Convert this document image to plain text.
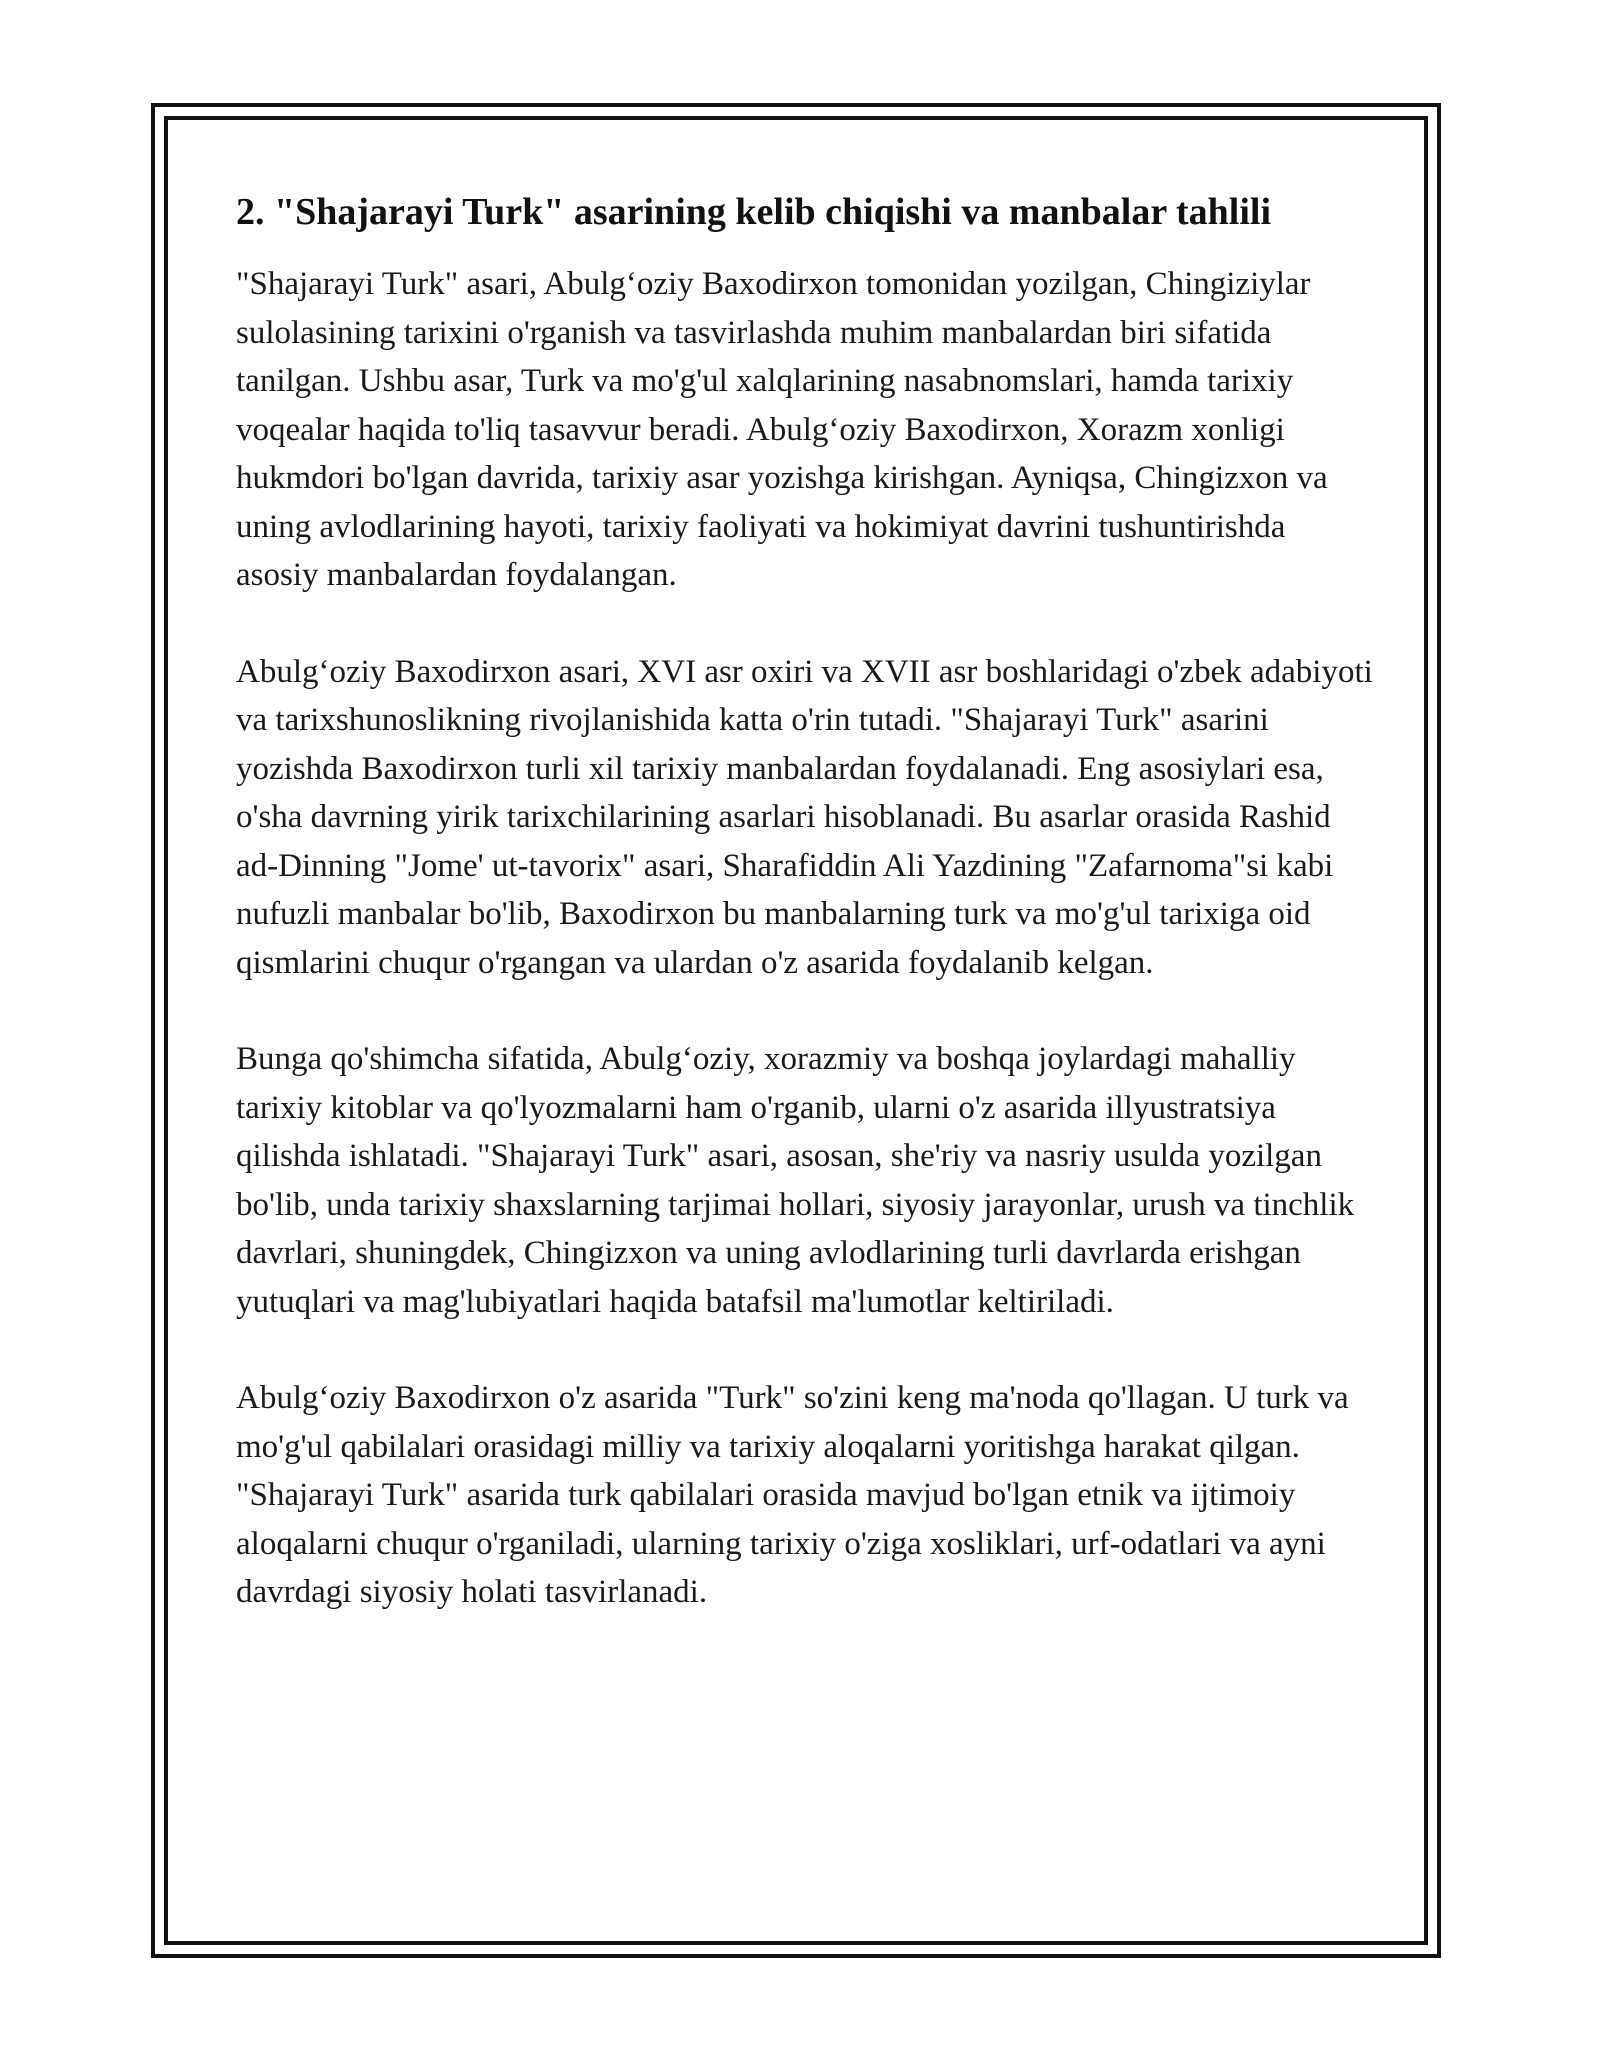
2. "Shajarayi Turk" asarining kelib chiqishi va manbalar tahlili

"Shajarayi Turk" asari, Abulg‘oziy Baxodirxon tomonidan yozilgan, Chingiziylar sulolasining tarixini o'rganish va tasvirlashda muhim manbalardan biri sifatida tanilgan. Ushbu asar, Turk va mo'g'ul xalqlarining nasabnomslari, hamda tarixiy voqealar haqida to'liq tasavvur beradi. Abulg‘oziy Baxodirxon, Xorazm xonligi hukmdori bo'lgan davrida, tarixiy asar yozishga kirishgan. Ayniqsa, Chingizxon va uning avlodlarining hayoti, tarixiy faoliyati va hokimiyat davrini tushuntirishda asosiy manbalardan foydalangan.

Abulg‘oziy Baxodirxon asari, XVI asr oxiri va XVII asr boshlaridagi o'zbek adabiyoti va tarixshunoslikning rivojlanishida katta o'rin tutadi. "Shajarayi Turk" asarini yozishda Baxodirxon turli xil tarixiy manbalardan foydalanadi. Eng asosiylari esa, o'sha davrning yirik tarixchilarining asarlari hisoblanadi. Bu asarlar orasida Rashid ad-Dinning "Jome' ut-tavorix" asari, Sharafiddin Ali Yazdining "Zafarnoma"si kabi nufuzli manbalar bo'lib, Baxodirxon bu manbalarning turk va mo'g'ul tarixiga oid qismlarini chuqur o'rgangan va ulardan o'z asarida foydalanib kelgan.

Bunga qo'shimcha sifatida, Abulg‘oziy, xorazmiy va boshqa joylardagi mahalliy tarixiy kitoblar va qo'lyozmalarni ham o'rganib, ularni o'z asarida illyustratsiya qilishda ishlatadi. "Shajarayi Turk" asari, asosan, she'riy va nasriy usulda yozilgan bo'lib, unda tarixiy shaxslarning tarjimai hollari, siyosiy jarayonlar, urush va tinchlik davrlari, shuningdek, Chingizxon va uning avlodlarining turli davrlarda erishgan yutuqlari va mag'lubiyatlari haqida batafsil ma'lumotlar keltiriladi.

Abulg‘oziy Baxodirxon o'z asarida "Turk" so'zini keng ma'noda qo'llagan. U turk va mo'g'ul qabilalari orasidagi milliy va tarixiy aloqalarni yoritishga harakat qilgan. "Shajarayi Turk" asarida turk qabilalari orasida mavjud bo'lgan etnik va ijtimoiy aloqalarni chuqur o'rganiladi, ularning tarixiy o'ziga xosliklari, urf-odatlari va ayni davrdagi siyosiy holati tasvirlanadi.
